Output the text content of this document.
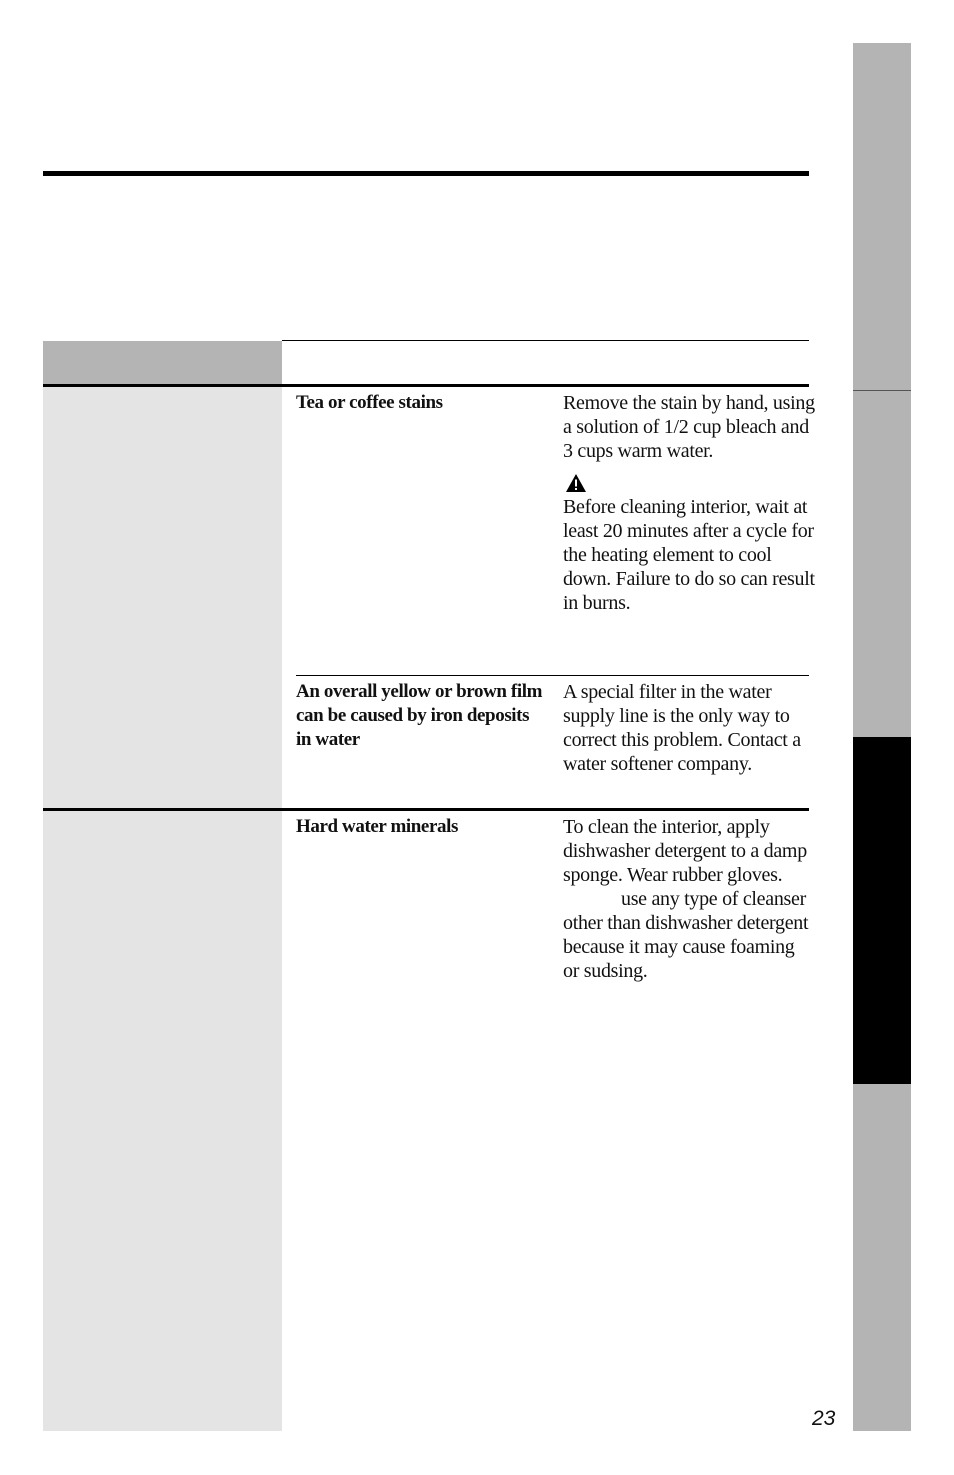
Tea or coffee stains	Remove the stain by hand, using a solution of 1/2 cup bleach and 3 cups warm water.

Before cleaning interior, wait at least 20 minutes after a cycle for the heating element to cool down. Failure to do so can result in burns.

An overall yellow or brown film can be caused by iron deposits in water
A special filter in the water supply line is the only way to correct this problem. Contact a water softener company.
Hard water minerals	To clean the interior, apply dishwasher detergent to a damp sponge. Wear rubber gloves.use any type of cleanser other than dishwasher detergent because it may cause foaming or sudsing.
23
